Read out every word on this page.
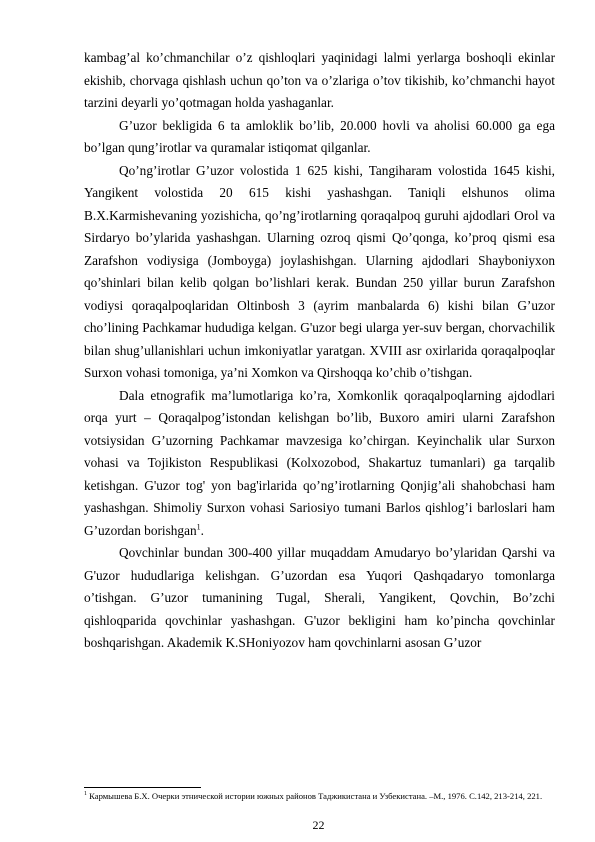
kambag’al ko’chmanchilar o’z qishloqlari yaqinidagi lalmi yerlarga boshoqli ekinlar ekishib, chorvaga qishlash uchun qo’ton va o’zlariga o’tov tikishib, ko’chmanchi hayot tarzini deyarli yo’qotmagan holda yashaganlar.

G’uzor bekligida 6 ta amloklik bo’lib, 20.000 hovli va aholisi 60.000 ga ega bo’lgan qung’irotlar va quramalar istiqomat qilganlar.

Qo’ng’irotlar G’uzor volostida 1 625 kishi, Tangiharam volostida 1645 kishi, Yangikent volostida 20 615 kishi yashashgan. Taniqli elshunos olima B.X.Karmishevaning yozishicha, qo’ng’irotlarning qoraqalpoq guruhi ajdodlari Orol va Sirdaryo bo’ylarida yashashgan. Ularning ozroq qismi Qo’qonga, ko’proq qismi esa Zarafshon vodiysiga (Jomboyga) joylashishgan. Ularning ajdodlari Shayboniyxon qo’shinlari bilan kelib qolgan bo’lishlari kerak. Bundan 250 yillar burun Zarafshon vodiysi qoraqalpoqlaridan Oltinbosh 3 (ayrim manbalarda 6) kishi bilan G’uzor cho’lining Pachkamar hududiga kelgan. G'uzor begi ularga yer-suv bergan, chorvachilik bilan shug’ullanishlari uchun imkoniyatlar yaratgan. XVIII asr oxirlarida qoraqalpoqlar Surxon vohasi tomoniga, ya’ni Xomkon va Qirshoqqa ko’chib o’tishgan.

Dala etnografik ma’lumotlariga ko’ra, Xomkonlik qoraqalpoqlarning ajdodlari orqa yurt – Qoraqalpog’istondan kelishgan bo’lib, Buxoro amiri ularni Zarafshon votsiysidan G’uzorning Pachkamar mavzesiga ko’chirgan. Keyinchalik ular Surxon vohasi va Tojikiston Respublikasi (Kolxozobod, Shakartuz tumanlari) ga tarqalib ketishgan. G'uzor tog' yon bag'irlarida qo’ng’irotlarning Qonjig’ali shahobchasi ham yashashgan. Shimoliy Surxon vohasi Sariosiyo tumani Barlos qishlog’i barloslari ham G’uzordan borishgan$^1$.

Qovchinlar bundan 300-400 yillar muqaddam Amudaryo bo’ylaridan Qarshi va G'uzor hududlariga kelishgan. G’uzordan esa Yuqori Qashqadaryo tomonlarga o’tishgan. G’uzor tumanining Tugal, Sherali, Yangikent, Qovchin, Bo’zchi qishloqparida qovchinlar yashashgan. G'uzor bekligini ham ko’pincha qovchinlar boshqarishgan. Akademik K.SHoniyozov ham qovchinlarni asosan G’uzor

$^1$ Кармышева Б.Х. Очерки этнической истории южных районов Таджикистана и Узбекистана. –М., 1976. С.142, 213-214, 221.

22
